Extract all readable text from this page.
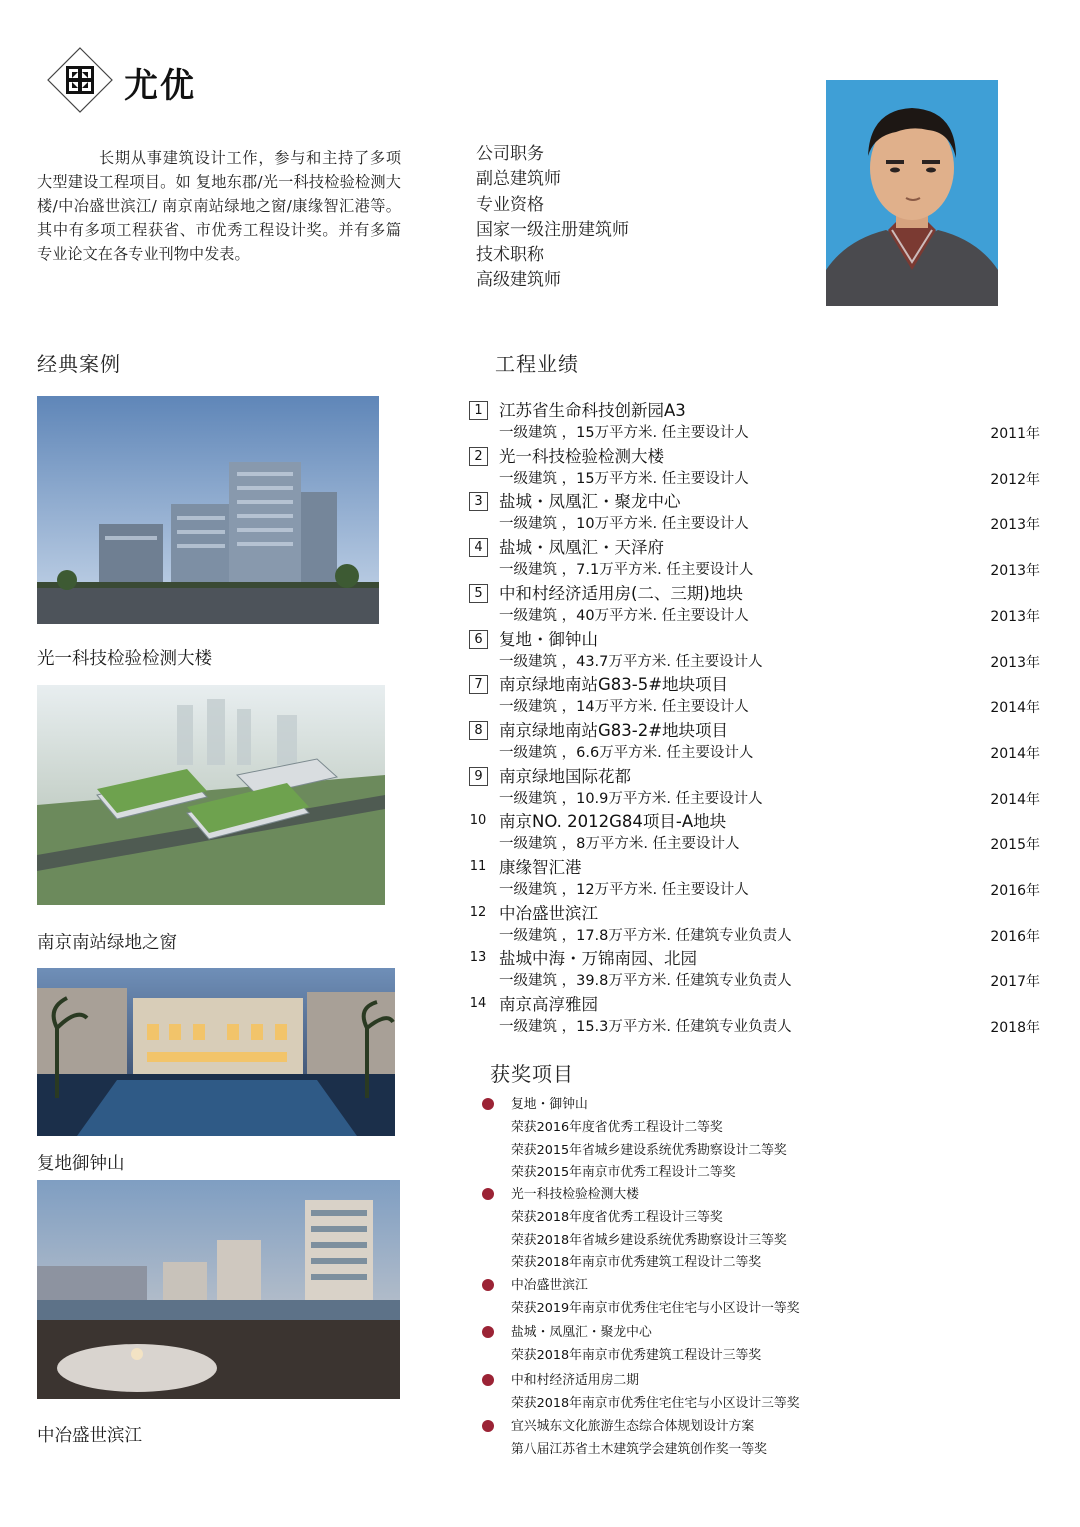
尤优
长期从事建筑设计工作，参与和主持了多项大型建设工程项目。如 复地东郡/光一科技检验检测大楼/中冶盛世滨江/ 南京南站绿地之窗/康缘智汇港等。其中有多项工程获省、市优秀工程设计奖。并有多篇专业论文在各专业刊物中发表。
公司职务
副总建筑师
专业资格
国家一级注册建筑师
技术职称
高级建筑师
经典案例	工程业绩
获奖项目
光一科技检验检测大楼
南京南站绿地之窗
复地御钟山
中冶盛世滨江
1 江苏省生命科技创新园A3
一级建筑 ，15万平方米. 任主要设计人	2011年
2 光一科技检验检测大楼
一级建筑 ，15万平方米. 任主要设计人	2012年
3 盐城・凤凰汇・聚龙中心
一级建筑 ，10万平方米. 任主要设计人	2013年
4 盐城・凤凰汇・天泽府
一级建筑 ，7.1万平方米. 任主要设计人	2013年
5 中和村经济适用房(二、三期)地块
一级建筑 ，40万平方米. 任主要设计人	2013年
6 复地・御钟山
一级建筑 ，43.7万平方米. 任主要设计人	2013年
7 南京绿地南站G83-5#地块项目
一级建筑 ，14万平方米. 任主要设计人	2014年
8 南京绿地南站G83-2#地块项目
一级建筑 ，6.6万平方米. 任主要设计人	2014年
9 南京绿地国际花都
一级建筑 ，10.9万平方米. 任主要设计人	2014年
10 南京NO. 2012G84项目-A地块
一级建筑 ，8万平方米. 任主要设计人	2015年
11 康缘智汇港
一级建筑 ，12万平方米. 任主要设计人	2016年
12 中冶盛世滨江
一级建筑 ，17.8万平方米. 任建筑专业负责人	2016年
13 盐城中海・万锦南园、北园
一级建筑 ，39.8万平方米. 任建筑专业负责人	2017年
14 南京高淳雅园
一级建筑 ，15.3万平方米. 任建筑专业负责人	2018年
复地・御钟山
荣获2016年度省优秀工程设计二等奖
荣获2015年省城乡建设系统优秀勘察设计二等奖
荣获2015年南京市优秀工程设计二等奖
光一科技检验检测大楼
荣获2018年度省优秀工程设计三等奖
荣获2018年省城乡建设系统优秀勘察设计三等奖
荣获2018年南京市优秀建筑工程设计二等奖
中冶盛世滨江
荣获2019年南京市优秀住宅住宅与小区设计一等奖
盐城・凤凰汇・聚龙中心
荣获2018年南京市优秀建筑工程设计三等奖
中和村经济适用房二期
荣获2018年南京市优秀住宅住宅与小区设计三等奖
宜兴城东文化旅游生态综合体规划设计方案
第八届江苏省土木建筑学会建筑创作奖一等奖
